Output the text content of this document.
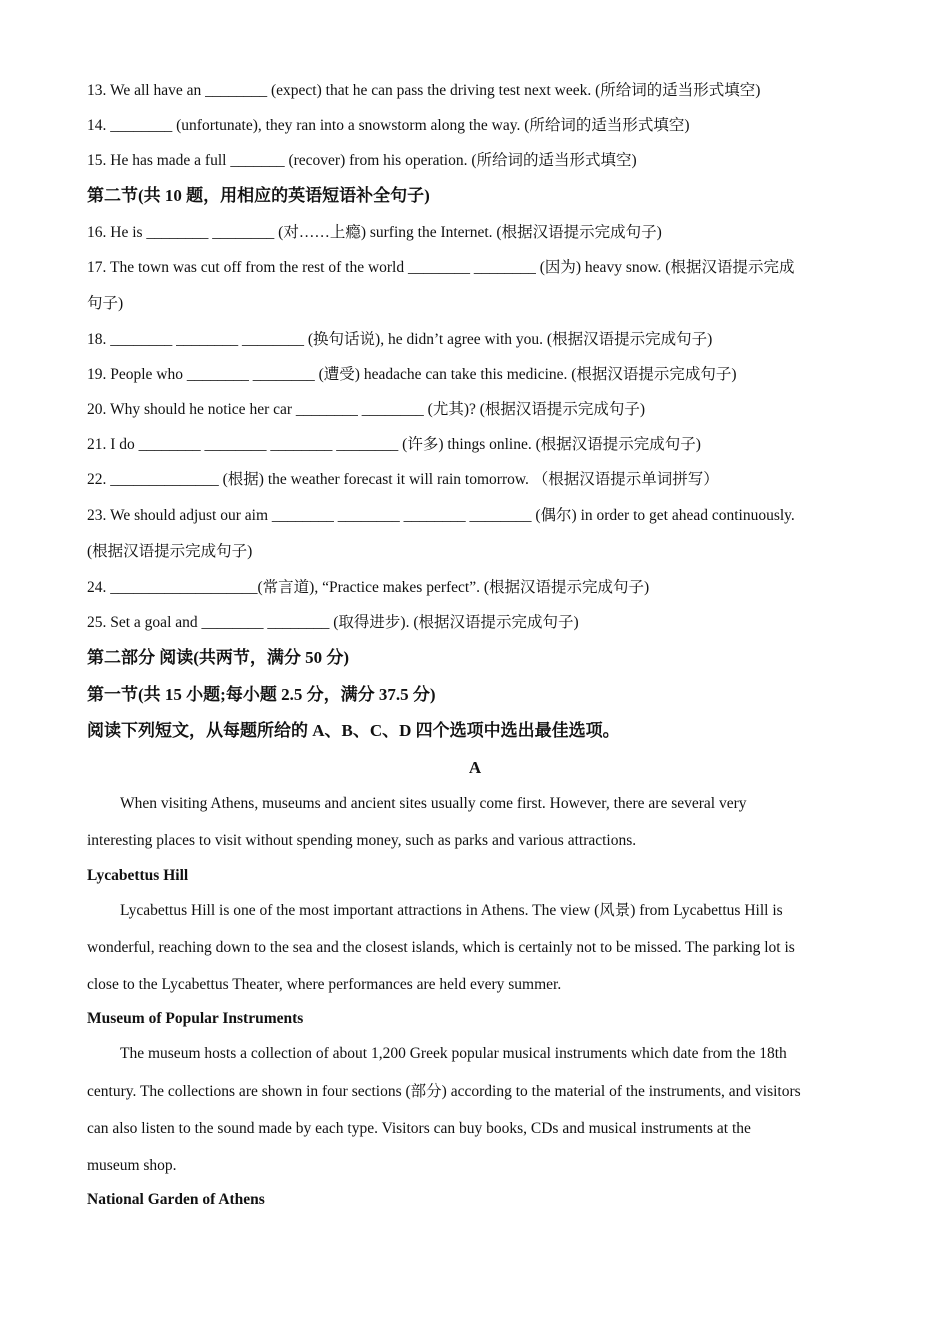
13. We all have an ________ (expect) that he can pass the driving test next week. (所给词的适当形式填空)
14. ________ (unfortunate), they ran into a snowstorm along the way. (所给词的适当形式填空)
15. He has made a full _______ (recover) from his operation. (所给词的适当形式填空)
第二节(共 10 题，用相应的英语短语补全句子)
16. He is ________ ________ (对……上瘾) surfing the Internet. (根据汉语提示完成句子)
17. The town was cut off from the rest of the world ________ ________ (因为) heavy snow. (根据汉语提示完成
句子)
18. ________ ________ ________ (换句话说), he didn’t agree with you. (根据汉语提示完成句子)
19. People who ________ ________ (遭受) headache can take this medicine. (根据汉语提示完成句子)
20. Why should he notice her car ________ ________ (尤其)? (根据汉语提示完成句子)
21. I do ________ ________ ________ ________ (许多) things online. (根据汉语提示完成句子)
22. ______________ (根据) the weather forecast it will rain tomorrow. （根据汉语提示单词拼写）
23. We should adjust our aim ________ ________ ________ ________ (偶尔) in order to get ahead continuously.
(根据汉语提示完成句子)
24. ___________________(常言道), “Practice makes perfect”. (根据汉语提示完成句子)
25. Set a goal and ________ ________ (取得进步). (根据汉语提示完成句子)
第二部分 阅读(共两节，满分 50 分)
第一节(共 15 小题;每小题 2.5 分，满分 37.5 分)
阅读下列短文，从每题所给的 A、B、C、D 四个选项中选出最佳选项。
A
When visiting Athens, museums and ancient sites usually come first. However, there are several very
interesting places to visit without spending money, such as parks and various attractions.
Lycabettus Hill
Lycabettus Hill is one of the most important attractions in Athens. The view (风景) from Lycabettus Hill is
wonderful, reaching down to the sea and the closest islands, which is certainly not to be missed. The parking lot is
close to the Lycabettus Theater, where performances are held every summer.
Museum of Popular Instruments
The museum hosts a collection of about 1,200 Greek popular musical instruments which date from the 18th
century. The collections are shown in four sections (部分) according to the material of the instruments, and visitors
can also listen to the sound made by each type. Visitors can buy books, CDs and musical instruments at the
museum shop.
National Garden of Athens
